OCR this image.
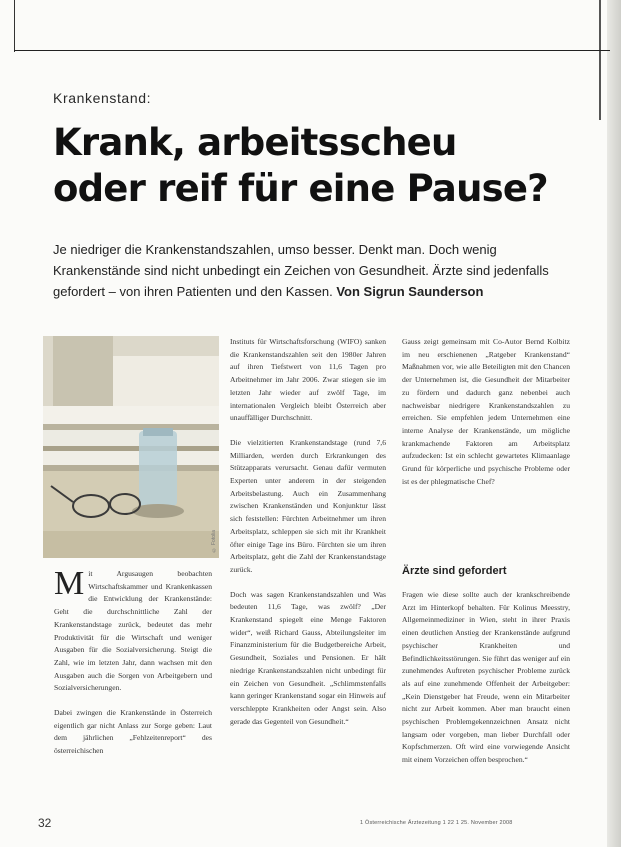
Krankenstand:
Krank, arbeitsscheu
oder reif für eine Pause?

Je niedriger die Krankenstandszahlen, umso besser. Denkt man. Doch wenig Krankenstände sind nicht unbedingt ein Zeichen von Gesundheit. Ärzte sind jedenfalls gefordert – von ihren Patienten und den Kassen. Von Sigrun Saunderson

© Fotolia

Mit Argusaugen beobachten Wirtschaftskammer und Krankenkassen die Entwicklung der Krankenstände: Geht die durchschnittliche Zahl der Krankenstandstage zurück, bedeutet das mehr Produktivität für die Wirtschaft und weniger Ausgaben für die Sozialversicherung. Steigt die Zahl, wie im letzten Jahr, dann wachsen mit den Ausgaben auch die Sorgen von Arbeitgebern und Sozialversicherungen.

Dabei zwingen die Krankenstände in Österreich eigentlich gar nicht Anlass zur Sorge geben: Laut dem jährlichen „Fehlzeitenreport“ des österreichischen

Instituts für Wirtschaftsforschung (WIFO) sanken die Krankenstandszahlen seit den 1980er Jahren auf ihren Tiefstwert von 11,6 Tagen pro Arbeitnehmer im Jahr 2006. Zwar stiegen sie im letzten Jahr wieder auf zwölf Tage, im internationalen Vergleich bleibt Österreich aber unauffälliger Durchschnitt.

Die vielzitierten Krankenstandstage (rund 7,6 Milliarden, werden durch Erkrankungen des Stützapparats verursacht. Genau dafür vermuten Experten unter anderem in der steigenden Arbeitsbelastung. Auch ein Zusammenhang zwischen Krankenständen und Konjunktur lässt sich feststellen: Fürchten Arbeitnehmer um ihren Arbeitsplatz, schleppen sie sich mit ihr Krankheit öfter einige Tage ins Büro. Fürchten sie um ihren Arbeitsplatz, geht die Zahl der Krankenstandstage zurück.

Doch was sagen Krankenstandszahlen und Was bedeuten 11,6 Tage, was zwölf? „Der Krankenstand spiegelt eine Menge Faktoren wider“, weiß Richard Gauss, Abteilungsleiter im Finanzministerium für die Budgetbereiche Arbeit, Gesundheit, Soziales und Pensionen. Er hält niedrige Krankenstandszahlen nicht unbedingt für ein Zeichen von Gesundheit. „Schlimmstenfalls kann geringer Krankenstand sogar ein Hinweis auf verschleppte Krankheiten oder Angst sein. Also gerade das Gegenteil von Gesundheit.“

Gauss zeigt gemeinsam mit Co-Autor Bernd Kolbitz im neu erschienenen „Ratgeber Krankenstand“ Maßnahmen vor, wie alle Beteiligten mit den Chancen der Unternehmen ist, die Gesundheit der Mitarbeiter zu fördern und dadurch ganz nebenbei auch nachweisbar niedrigere Krankenstandszahlen zu erreichen. Sie empfehlen jedem Unternehmen eine interne Analyse der Krankenstände, um mögliche krankmachende Faktoren am Arbeitsplatz aufzudecken: Ist ein schlecht gewartetes Klimaanlage Grund für körperliche und psychische Probleme oder ist es der phlegmatische Chef?

Ärzte sind gefordert

Fragen wie diese sollte auch der krankschreibende Arzt im Hinterkopf behalten. Für Kolinus Meesstry, Allgemeinmediziner in Wien, steht in ihrer Praxis einen deutlichen Anstieg der Krankenstände aufgrund psychischer Krankheiten und Befindlichkeitsstörungen. Sie führt das weniger auf ein zunehmendes Auftreten psychischer Probleme zurück als auf eine zunehmende Offenheit der Arbeitgeber: „Kein Dienstgeber hat Freude, wenn ein Mitarbeiter nicht zur Arbeit kommen. Aber man braucht einen psychischen Problemgekennzeichnen Ansatz nicht langsam oder vorgeben, man lieber Durchfall oder Kopfschmerzen. Oft wird eine vorwiegende Ansicht mit einem Vorzeichen offen besprochen.“

32	1 Österreichische Ärztezeitung 1 22 1 25. November 2008
